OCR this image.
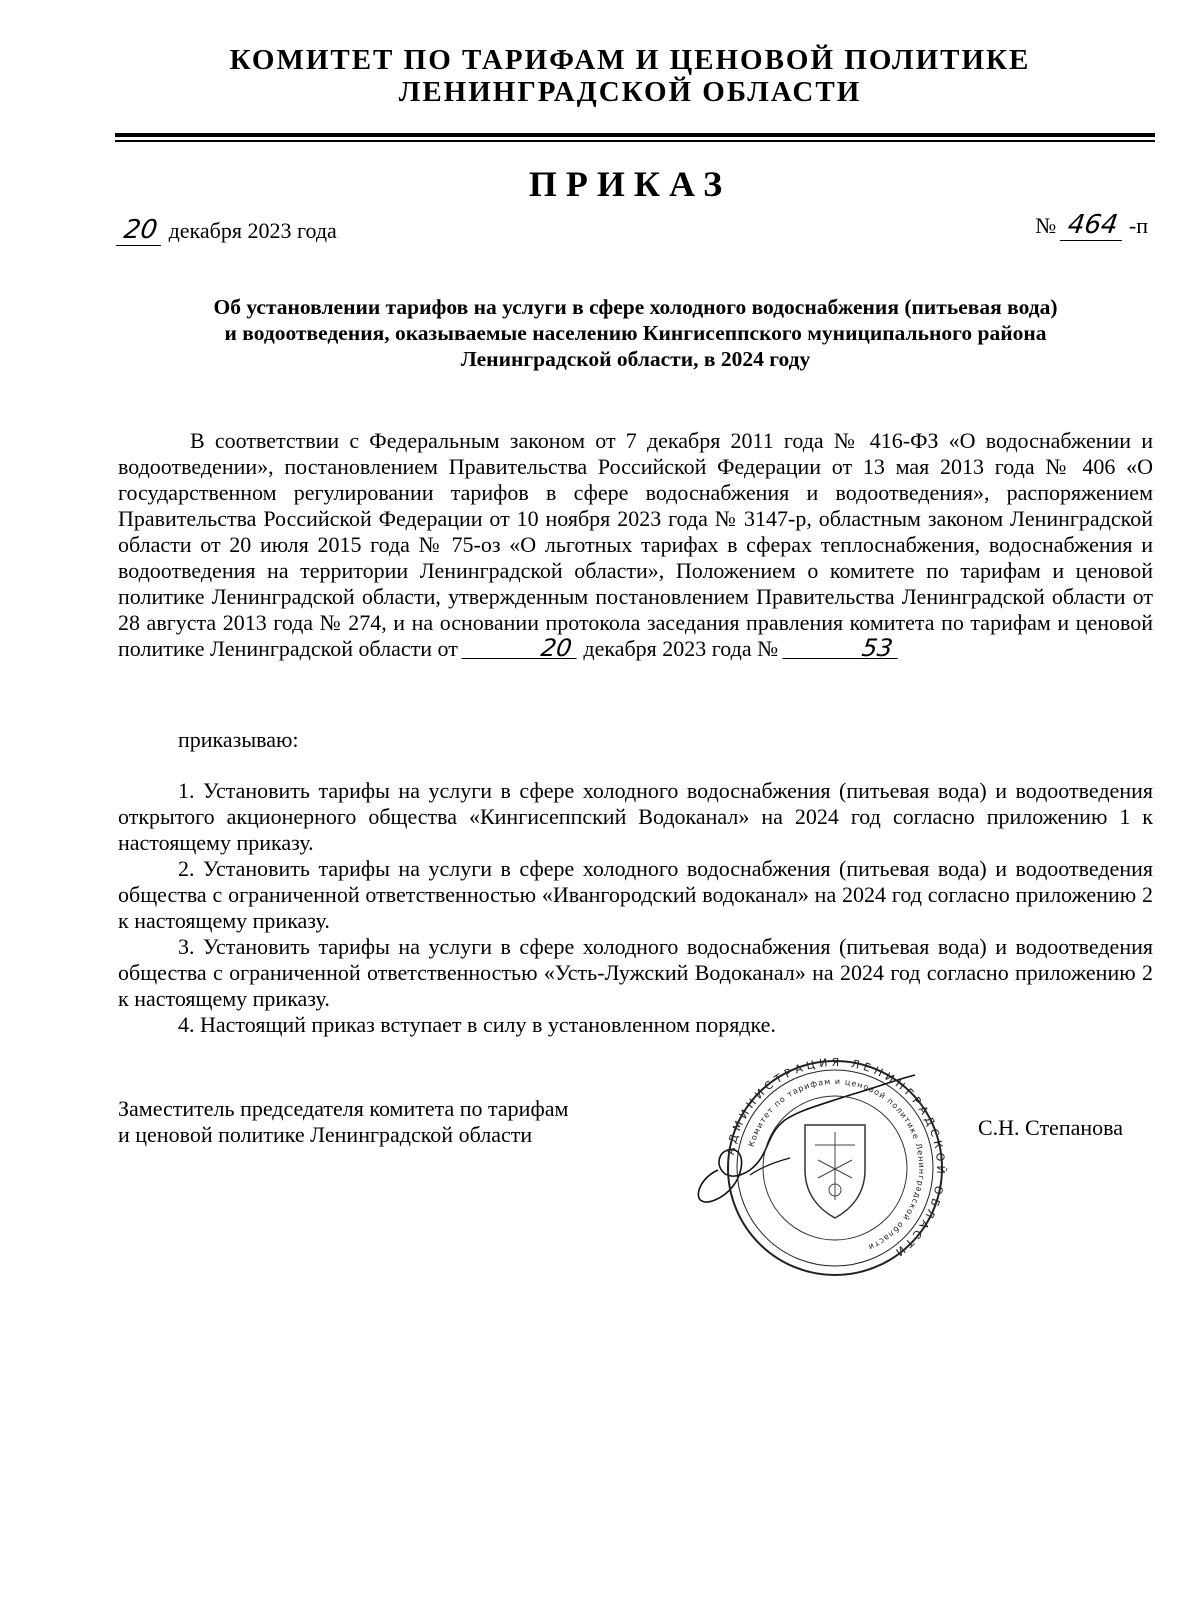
КОМИТЕТ ПО ТАРИФАМ И ЦЕНОВОЙ ПОЛИТИКЕ
ЛЕНИНГРАДСКОЙ ОБЛАСТИ
ПРИКАЗ
20 декабря 2023 года	№ 464 -п
Об установлении тарифов на услуги в сфере холодного водоснабжения (питьевая вода)
и водоотведения, оказываемые населению Кингисеппского муниципального района
Ленинградской области, в 2024 году
В соответствии с Федеральным законом от 7 декабря 2011 года № 416-ФЗ «О водоснабжении и водоотведении», постановлением Правительства Российской Федерации от 13 мая 2013 года № 406 «О государственном регулировании тарифов в сфере водоснабжения и водоотведения», распоряжением Правительства Российской Федерации от 10 ноября 2023 года № 3147-р, областным законом Ленинградской области от 20 июля 2015 года № 75-оз «О льготных тарифах в сферах теплоснабжения, водоснабжения и водоотведения на территории Ленинградской области», Положением о комитете по тарифам и ценовой политике Ленинградской области, утвержденным постановлением Правительства Ленинградской области от 28 августа 2013 года № 274, и на основании протокола заседания правления комитета по тарифам и ценовой политике Ленинградской области от	20 декабря 2023 года №	53
приказываю:

1. Установить тарифы на услуги в сфере холодного водоснабжения (питьевая вода) и водоотведения открытого акционерного общества «Кингисеппский Водоканал» на 2024 год согласно приложению 1 к настоящему приказу.

2. Установить тарифы на услуги в сфере холодного водоснабжения (питьевая вода) и водоотведения общества с ограниченной ответственностью «Ивангородский водоканал» на 2024 год согласно приложению 2 к настоящему приказу.

3. Установить тарифы на услуги в сфере холодного водоснабжения (питьевая вода) и водоотведения общества с ограниченной ответственностью «Усть-Лужский Водоканал» на 2024 год согласно приложению 2 к настоящему приказу.

4. Настоящий приказ вступает в силу в установленном порядке.

Заместитель председателя комитета по тарифам
и ценовой политике Ленинградской области	С.Н. Степанова
АДМИНИСТРАЦИЯ ЛЕНИНГРАДСКОЙ ОБЛАСТИ
Комитет по тарифам и ценовой политике Ленинградской области
